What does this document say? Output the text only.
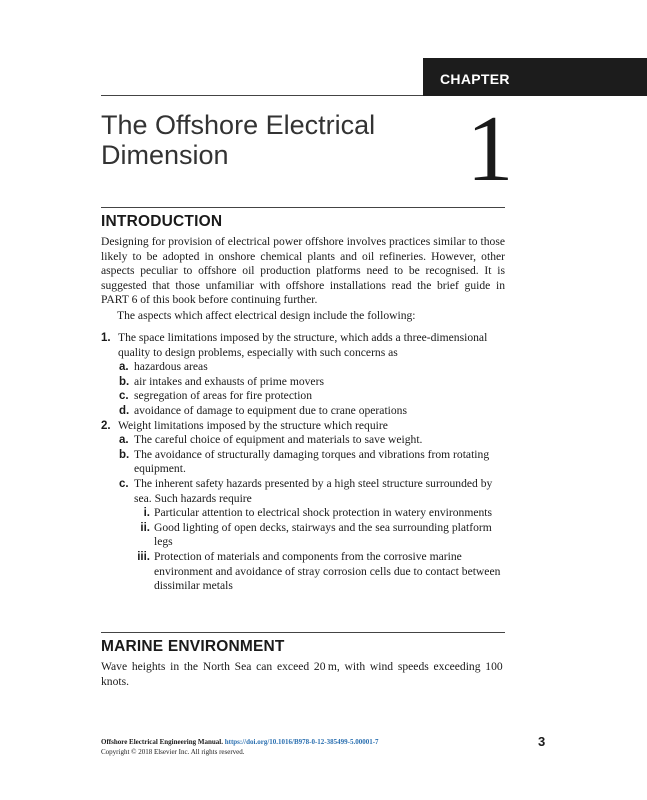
CHAPTER
The Offshore Electrical
Dimension	1
INTRODUCTION
Designing for provision of electrical power offshore involves practices similar to those likely to be adopted in onshore chemical plants and oil refineries. However, other aspects peculiar to offshore oil production platforms need to be recognised. It is suggested that those unfamiliar with offshore installations read the brief guide in PART 6 of this book before continuing further.
The aspects which affect electrical design include the following:
1. The space limitations imposed by the structure, which adds a three-dimensional quality to design problems, especially with such concerns as
a. hazardous areas
b. air intakes and exhausts of prime movers
c. segregation of areas for fire protection
d. avoidance of damage to equipment due to crane operations
2. Weight limitations imposed by the structure which require
a. The careful choice of equipment and materials to save weight.
b. The avoidance of structurally damaging torques and vibrations from rotating equipment.
c. The inherent safety hazards presented by a high steel structure surrounded by sea. Such hazards require
i. Particular attention to electrical shock protection in watery environments
ii. Good lighting of open decks, stairways and the sea surrounding platform legs
iii. Protection of materials and components from the corrosive marine environment and avoidance of stray corrosion cells due to contact between dissimilar metals
MARINE ENVIRONMENT
Wave heights in the North Sea can exceed 20 m, with wind speeds exceeding 100 knots.
Offshore Electrical Engineering Manual. https://doi.org/10.1016/B978-0-12-385499-5.00001-7
Copyright © 2018 Elsevier Inc. All rights reserved.
3
